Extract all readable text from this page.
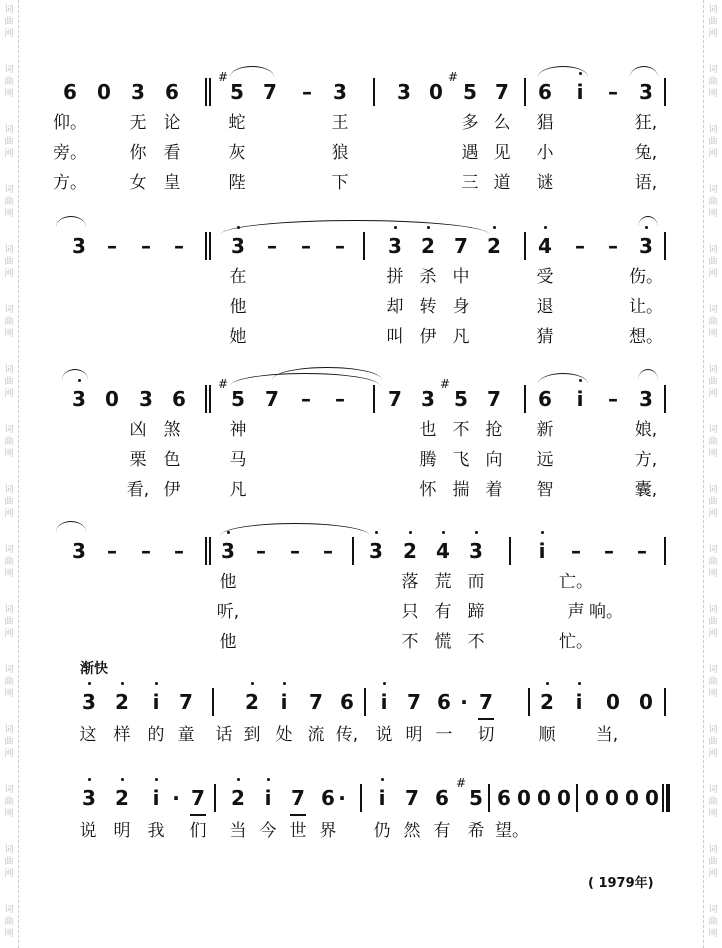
词
曲
网
词
曲
网
词
曲
网
词
曲
网
词
曲
网
词
曲
网
词
曲
网
词
曲
网
词
曲
网
词
曲
网
词
曲
网
词
曲
网
词
曲
网
词
曲
网
词
曲
网
词
曲
网
词
曲
网
词
曲
网
词
曲
网
词
曲
网
词
曲
网
词
曲
网
词
曲
网
词
曲
网
词
曲
网
词
曲
网
词
曲
网
词
曲
网
词
曲
网
词
曲
网
词
曲
网
词
曲
网
6 0 3 6
#
5 7 – 3	3 0
#
5 7 6 i – 3
仰。	无 论	蛇	王	多 么 猖	狂,
旁。	你 看	灰	狼	遇 见 小	兔,
方。	女 皇	陛	下	三 道 谜	语,
3 – – – 3 – – – 3 2 7 2 4 – – 3
在	拼 杀 中	受	伤。
他	却 转 身	退	让。
她	叫 伊 凡	猜	想。
3 0 3 6
#
5 7 – – 7 3
#
5 7 6 i – 3
凶 煞	神	也 不 抢 新	娘,
栗 色	马	腾 飞 向 远	方,
看, 伊	凡	怀 揣 着 智	囊,
3 – – – 3 – – – 3 2 4 3	i – – –
他	落 荒 而	亡。
听,	只 有 蹄	声 响。
他	不 慌 不	忙。
渐快
3 2 i 7	2 i 7 6 i 7 6 · 7 2 i 0 0
这 样 的 童 话 到 处 流 传, 说 明 一 切	顺 当,
3 2 i · 7 2 i 7 6 · i 7 6
#
5 6 0 0 0 0 0 0 0
说 明 我 们 当 今 世 界 仍 然 有 希 望。
( 1979年)
